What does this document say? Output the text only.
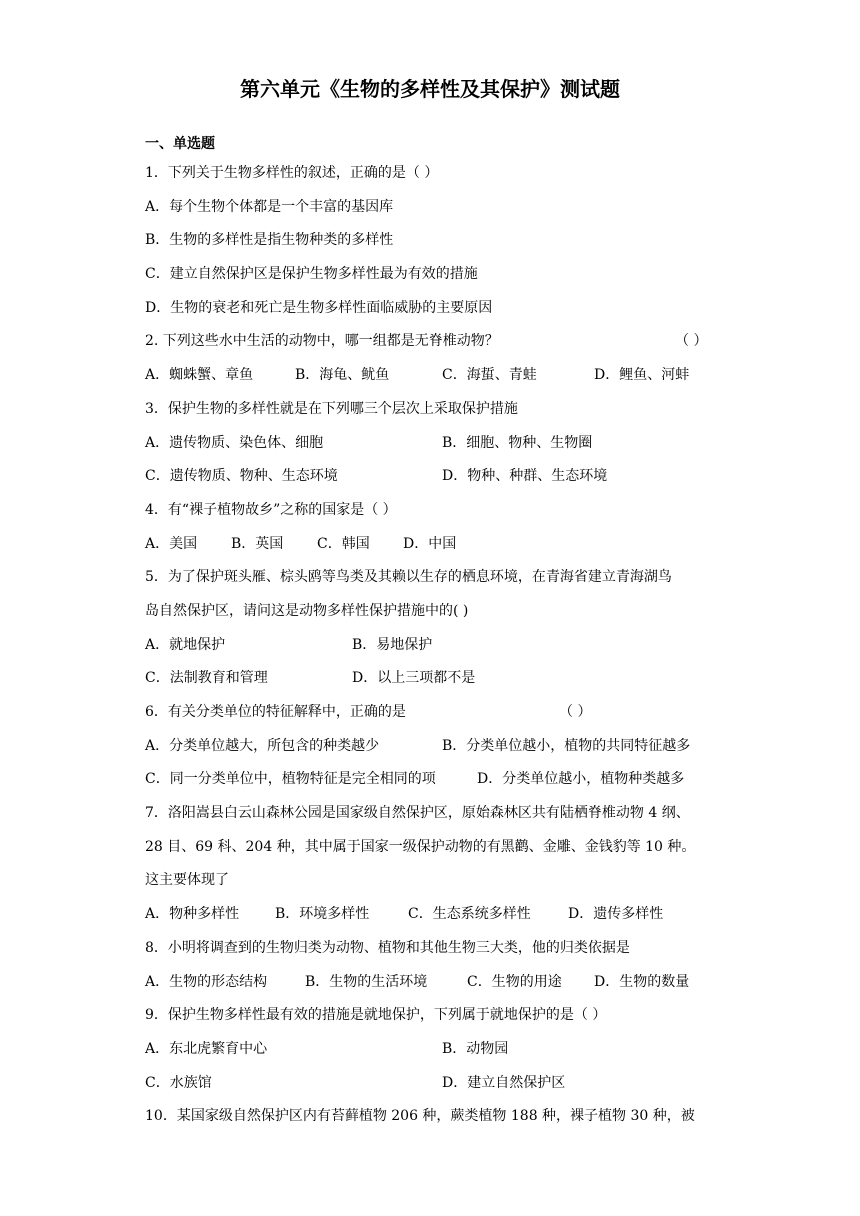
第六单元《生物的多样性及其保护》测试题
一、单选题
1．下列关于生物多样性的叙述，正确的是（ ）
A．每个生物个体都是一个丰富的基因库
B．生物的多样性是指生物种类的多样性
C．建立自然保护区是保护生物多样性最为有效的措施
D．生物的衰老和死亡是生物多样性面临威胁的主要原因
2. 下列这些水中生活的动物中，哪一组都是无脊椎动物？	（ ）
A．蜘蛛蟹、章鱼	B．海龟、鱿鱼	C．海蜇、青蛙	D．鲤鱼、河蚌
3．保护生物的多样性就是在下列哪三个层次上采取保护措施
A．遗传物质、染色体、细胞	B．细胞、物种、生物圈
C．遗传物质、物种、生态环境	D．物种、种群、生态环境
4．有“裸子植物故乡”之称的国家是（ ）
A．美国	B．英国	C．韩国	D．中国
5．为了保护斑头雁、棕头鸥等鸟类及其赖以生存的栖息环境，在青海省建立青海湖鸟
岛自然保护区，请问这是动物多样性保护措施中的( )
A．就地保护	B．易地保护
C．法制教育和管理	D．以上三项都不是
6．有关分类单位的特征解释中，正确的是	（ ）
A．分类单位越大，所包含的种类越少	B．分类单位越小，植物的共同特征越多
C．同一分类单位中，植物特征是完全相同的项	D．分类单位越小，植物种类越多
7．洛阳嵩县白云山森林公园是国家级自然保护区，原始森林区共有陆栖脊椎动物 4 纲、
28 目、69 科、204 种，其中属于国家一级保护动物的有黑鹳、金雕、金钱豹等 10 种。
这主要体现了
A．物种多样性	B．环境多样性	C．生态系统多样性	D．遗传多样性
8．小明将调查到的生物归类为动物、植物和其他生物三大类，他的归类依据是
A．生物的形态结构	B．生物的生活环境	C．生物的用途	D．生物的数量
9．保护生物多样性最有效的措施是就地保护，下列属于就地保护的是（ ）
A．东北虎繁育中心	B．动物园
C．水族馆	D．建立自然保护区
10．某国家级自然保护区内有苔藓植物 206 种，蕨类植物 188 种，裸子植物 30 种，被
